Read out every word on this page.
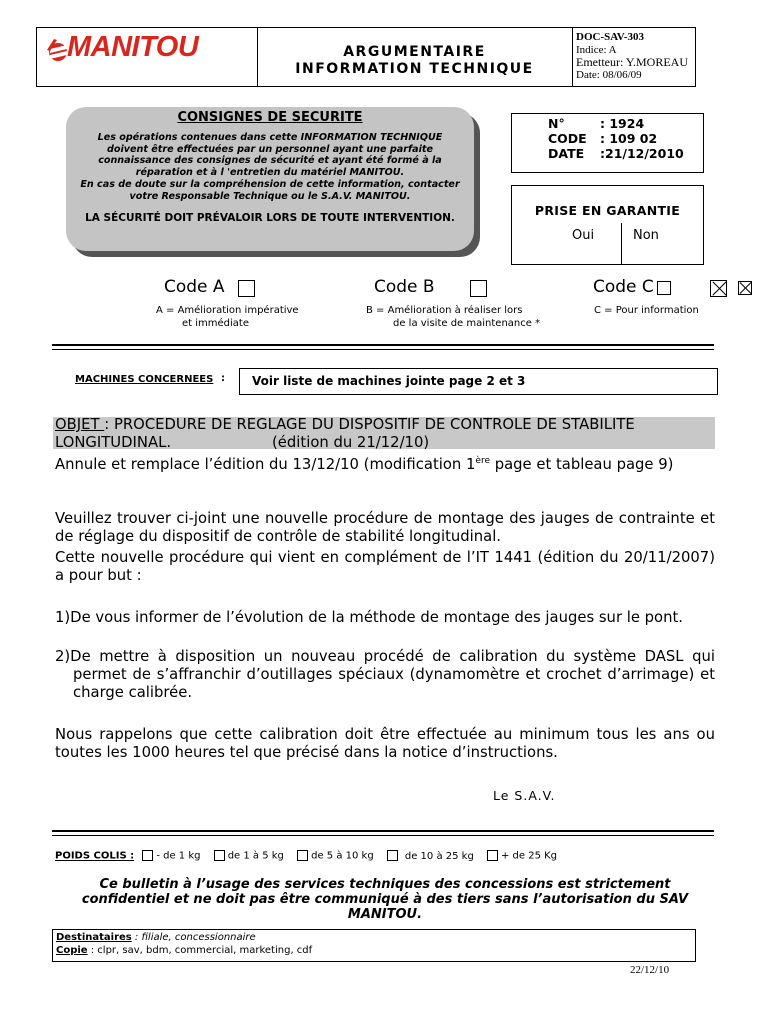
MANITOU	ARGUMENTAIRE
INFORMATION TECHNIQUE
DOC-SAV-303
Indice: A
Emetteur: Y.MOREAU
Date: 08/06/09
CONSIGNES DE SECURITE
Les opérations contenues dans cette INFORMATION TECHNIQUE
doivent être effectuées par un personnel ayant une parfaite
connaissance des consignes de sécurité et ayant été formé à la
réparation et à l 'entretien du matériel MANITOU.
En cas de doute sur la compréhension de cette information, contacter
votre Responsable Technique ou le S.A.V. MANITOU.
LA SÉCURITÉ DOIT PRÉVALOIR LORS DE TOUTE INTERVENTION.
N°	: 1924
CODE	: 109 02
DATE	:21/12/2010
PRISE EN GARANTIE
Oui	Non

Code A

A = Amélioration impérative
et immédiate
Code B

B = Amélioration à réaliser lors
de la visite de maintenance *
Code C
C = Pour information
MACHINES CONCERNEES :	Voir liste de machines jointe page 2 et 3
OBJET : PROCEDURE DE REGLAGE DU DISPOSITIF DE CONTROLE DE STABILITE
LONGITUDINAL.	(édition du 21/12/10)
Annule et remplace l’édition du 13/12/10 (modification 1ère page et tableau page 9)
Veuillez trouver ci-joint une nouvelle procédure de montage des jauges de contrainte et de réglage du dispositif de contrôle de stabilité longitudinal.
Cette nouvelle procédure qui vient en complément de l’IT 1441 (édition du 20/11/2007) a pour but :
1)De vous informer de l’évolution de la méthode de montage des jauges sur le pont.
2)De mettre à disposition un nouveau procédé de calibration du système DASL qui permet de s’affranchir d’outillages spéciaux (dynamomètre et crochet d’arrimage) et charge calibrée.
Nous rappelons que cette calibration doit être effectuée au minimum tous les ans ou toutes les 1000 heures tel que précisé dans la notice d’instructions.
Le S.A.V.
POIDS COLIS : - de 1 kg	de 1 à 5 kg	de 5 à 10 kg	de 10 à 25 kg	+ de 25 Kg
Ce bulletin à l’usage des services techniques des concessions est strictement
confidentiel et ne doit pas être communiqué à des tiers sans l’autorisation du SAV
MANITOU.
Destinataires : filiale, concessionnaire
Copie : clpr, sav, bdm, commercial, marketing, cdf
22/12/10
